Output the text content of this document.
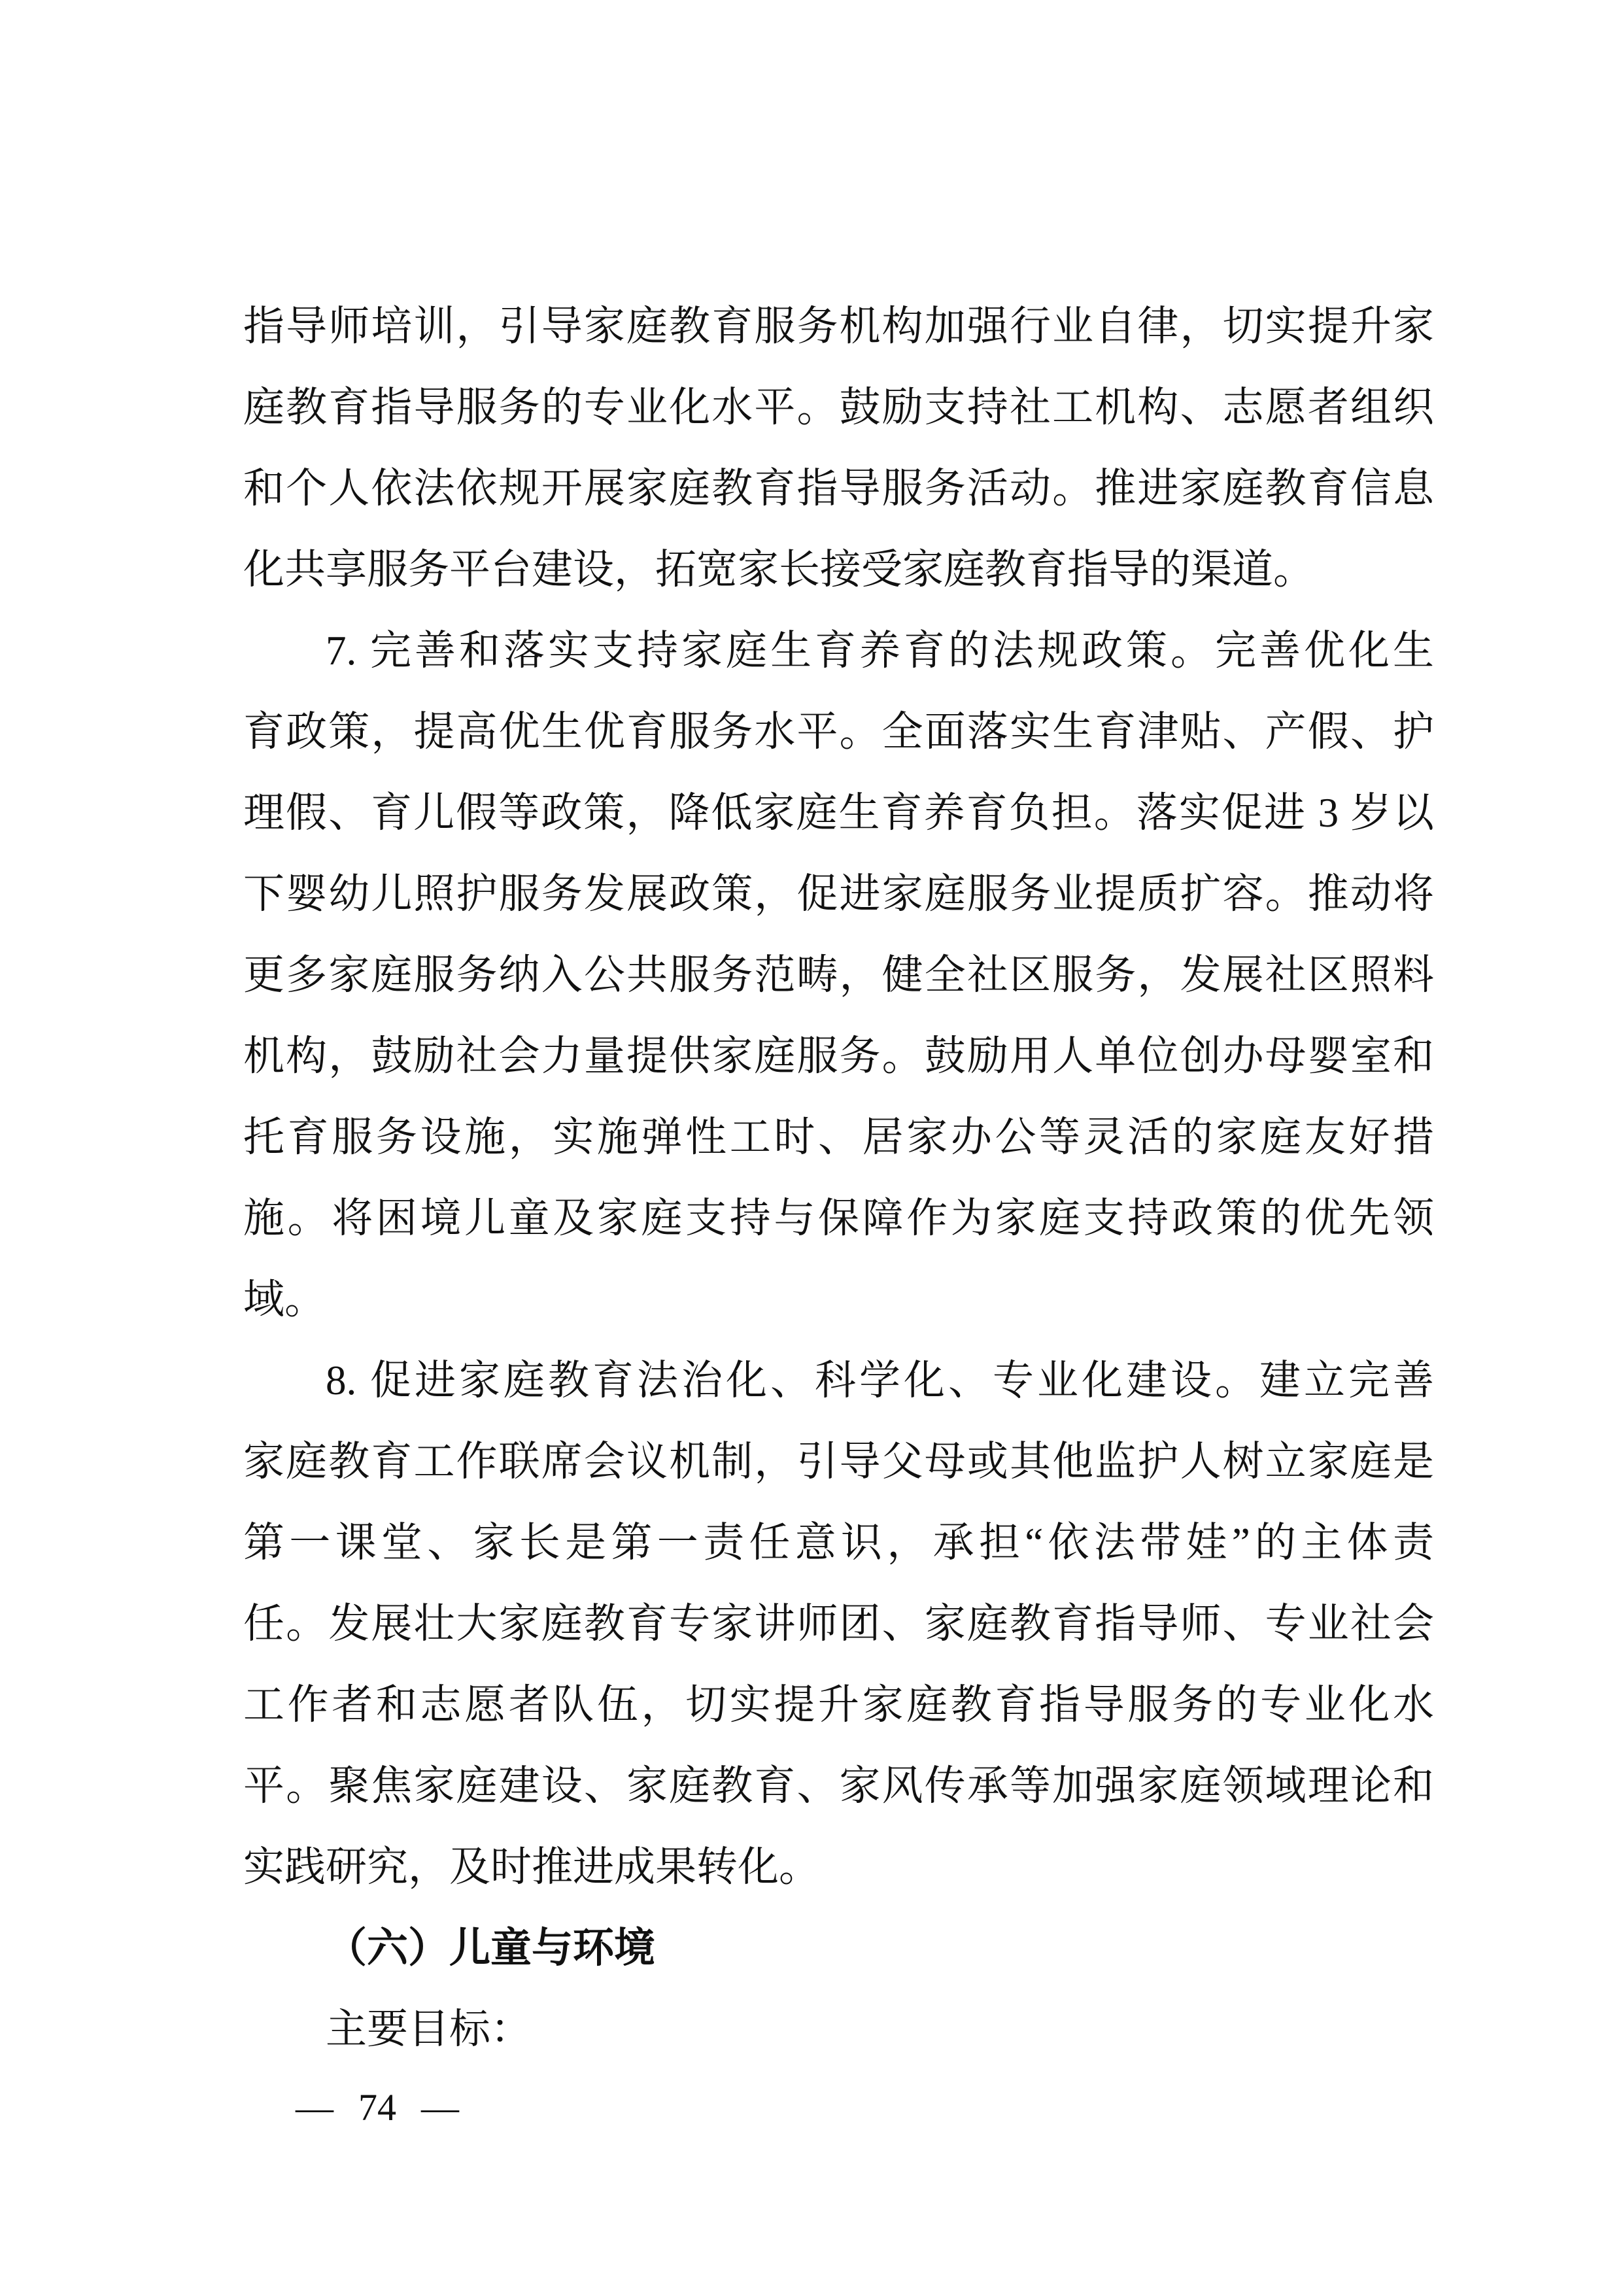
指导师培训，引导家庭教育服务机构加强行业自律，切实提升家
庭教育指导服务的专业化水平。鼓励支持社工机构、志愿者组织
和个人依法依规开展家庭教育指导服务活动。推进家庭教育信息
化共享服务平台建设，拓宽家长接受家庭教育指导的渠道。
7. 完善和落实支持家庭生育养育的法规政策。完善优化生
育政策，提高优生优育服务水平。全面落实生育津贴、产假、护
理假、育儿假等政策，降低家庭生育养育负担。落实促进 3 岁以
下婴幼儿照护服务发展政策，促进家庭服务业提质扩容。推动将
更多家庭服务纳入公共服务范畴，健全社区服务，发展社区照料
机构，鼓励社会力量提供家庭服务。鼓励用人单位创办母婴室和
托育服务设施，实施弹性工时、居家办公等灵活的家庭友好措
施。将困境儿童及家庭支持与保障作为家庭支持政策的优先领
域。
8. 促进家庭教育法治化、科学化、专业化建设。建立完善
家庭教育工作联席会议机制，引导父母或其他监护人树立家庭是
第一课堂、家长是第一责任意识，承担“依法带娃”的主体责
任。发展壮大家庭教育专家讲师团、家庭教育指导师、专业社会
工作者和志愿者队伍，切实提升家庭教育指导服务的专业化水
平。聚焦家庭建设、家庭教育、家风传承等加强家庭领域理论和
实践研究，及时推进成果转化。
（六）儿童与环境
主要目标：
— 74 —
